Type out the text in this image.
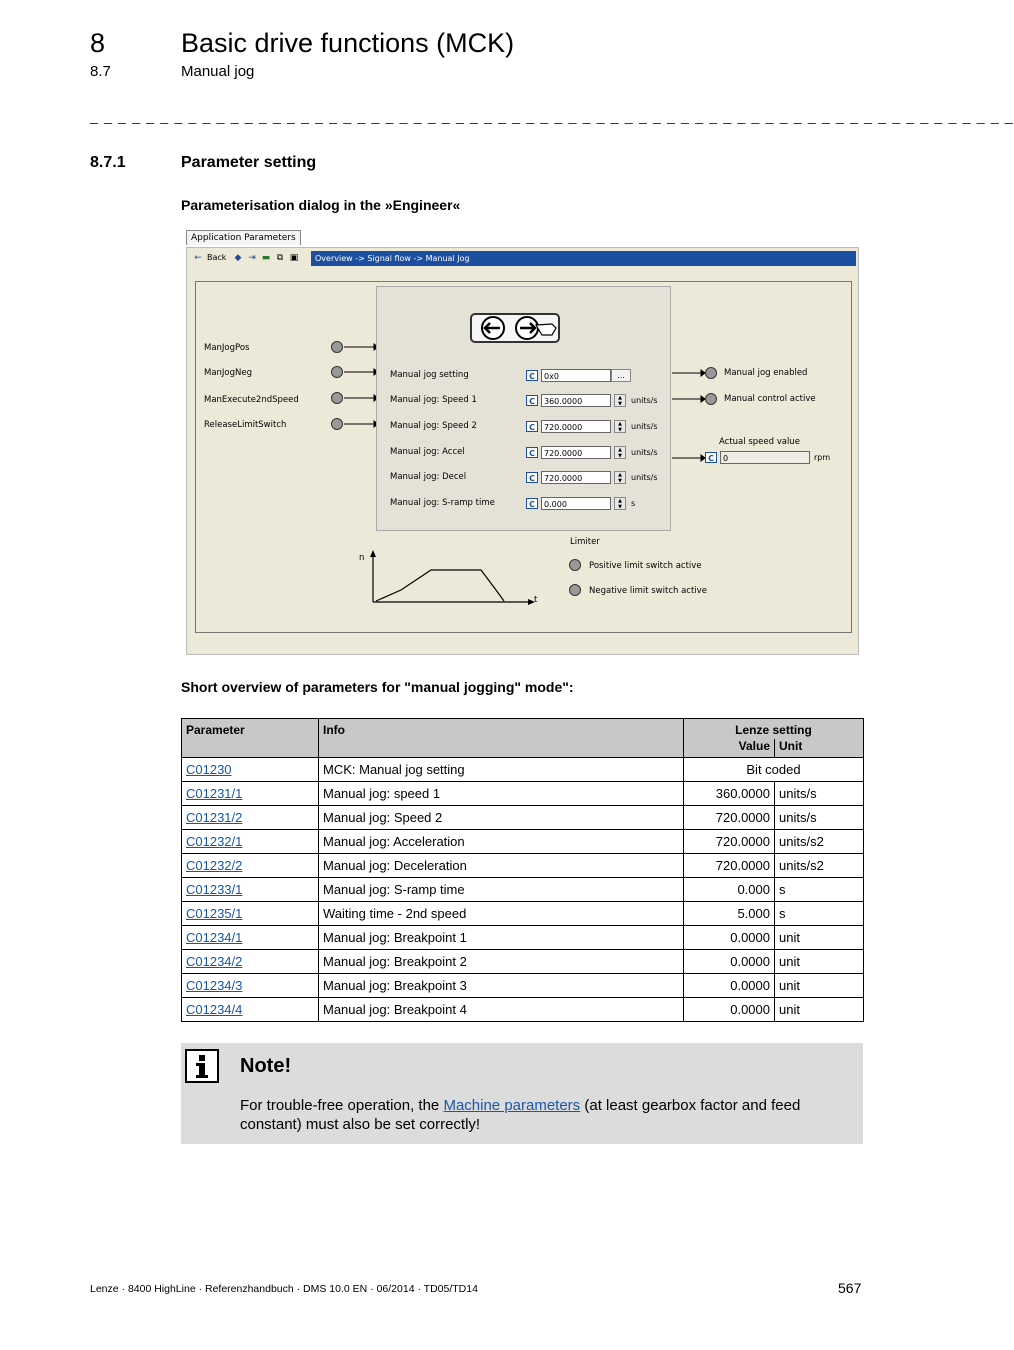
8	Basic drive functions (MCK)
8.7	Manual jog
_ _ _ _ _ _ _ _ _ _ _ _ _ _ _ _ _ _ _ _ _ _ _ _ _ _ _ _ _ _ _ _ _ _ _ _ _ _ _ _ _ _ _ _ _ _ _ _ _ _ _ _ _ _ _ _ _ _ _ _ _ _ _ _ _ _
8.7.1	Parameter setting
Parameterisation dialog in the »Engineer«
Application Parameters
← Back ◆ ⇥ ▬ ⧉ ▣	Overview -> Signal flow -> Manual Jog
ManJogPos
ManJogNeg
ManExecute2ndSpeed
ReleaseLimitSwitch
Manual jog setting
Manual jog: Speed 1
Manual jog: Speed 2
Manual jog: Accel
Manual jog: Decel
Manual jog: S-ramp time
C
C
C
C
C
C
0x0
360.0000
720.0000
720.0000
720.0000
0.000
...
▲
▼
▲
▼
▲
▼
▲
▼
▲
▼
units/s
units/s
units/s
units/s
s
Manual jog enabled
Manual control active
Actual speed value
C	0	rpm
n
t
Limiter
Positive limit switch active
Negative limit switch active
Short overview of parameters for "manual jogging" mode":
Parameter	Info	Lenze setting	
		Value	Unit
C01230	MCK: Manual jog setting	Bit coded	
C01231/1	Manual jog: speed 1	360.0000	units/s
C01231/2	Manual jog: Speed 2	720.0000	units/s
C01232/1	Manual jog: Acceleration	720.0000	units/s2
C01232/2	Manual jog: Deceleration	720.0000	units/s2
C01233/1	Manual jog: S-ramp time	0.000	s
C01235/1	Waiting time - 2nd speed	5.000	s
C01234/1	Manual jog: Breakpoint 1	0.0000	unit
C01234/2	Manual jog: Breakpoint 2	0.0000	unit
C01234/3	Manual jog: Breakpoint 3	0.0000	unit
C01234/4	Manual jog: Breakpoint 4	0.0000	unit
Note!
For trouble-free operation, the Machine parameters (at least gearbox factor and feed constant) must also be set correctly!
Lenze · 8400 HighLine · Referenzhandbuch · DMS 10.0 EN · 06/2014 · TD05/TD14	567
